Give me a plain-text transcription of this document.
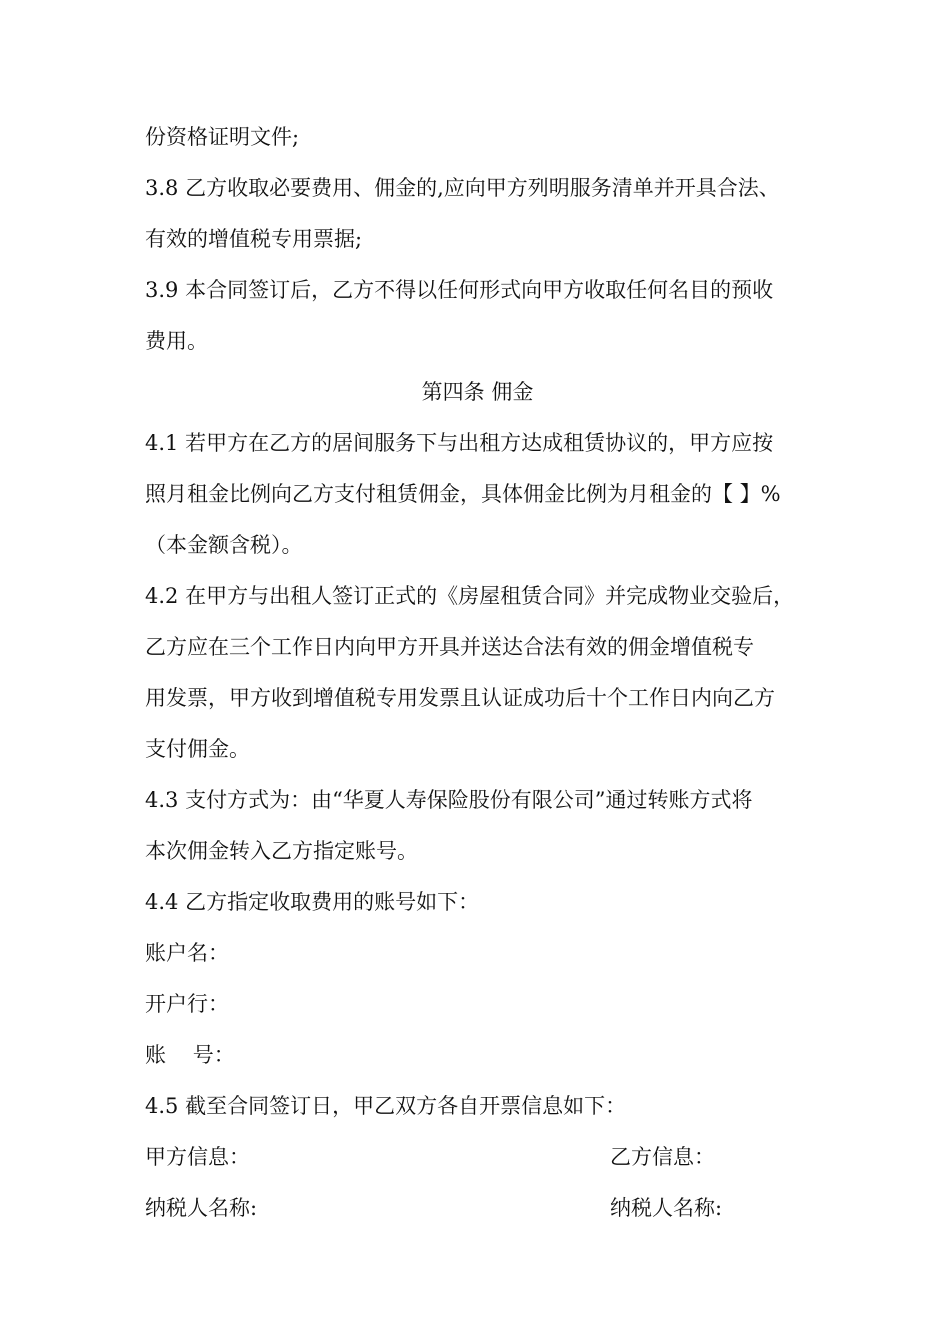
份资格证明文件;
3.8 乙方收取必要费用、佣金的,应向甲方列明服务清单并开具合法、
有效的增值税专用票据;
3.9 本合同签订后，乙方不得以任何形式向甲方收取任何名目的预收
费用。
第四条 佣金
4.1 若甲方在乙方的居间服务下与出租方达成租赁协议的，甲方应按
照月租金比例向乙方支付租赁佣金，具体佣金比例为月租金的【 】%
（本金额含税）。
4.2 在甲方与出租人签订正式的《房屋租赁合同》并完成物业交验后，
乙方应在三个工作日内向甲方开具并送达合法有效的佣金增值税专
用发票，甲方收到增值税专用发票且认证成功后十个工作日内向乙方
支付佣金。
4.3 支付方式为：由“华夏人寿保险股份有限公司”通过转账方式将
本次佣金转入乙方指定账号。
4.4 乙方指定收取费用的账号如下：
账户名：
开户行：
账    号：
4.5 截至合同签订日，甲乙双方各自开票信息如下：
甲方信息：	乙方信息：
纳税人名称:	纳税人名称:
